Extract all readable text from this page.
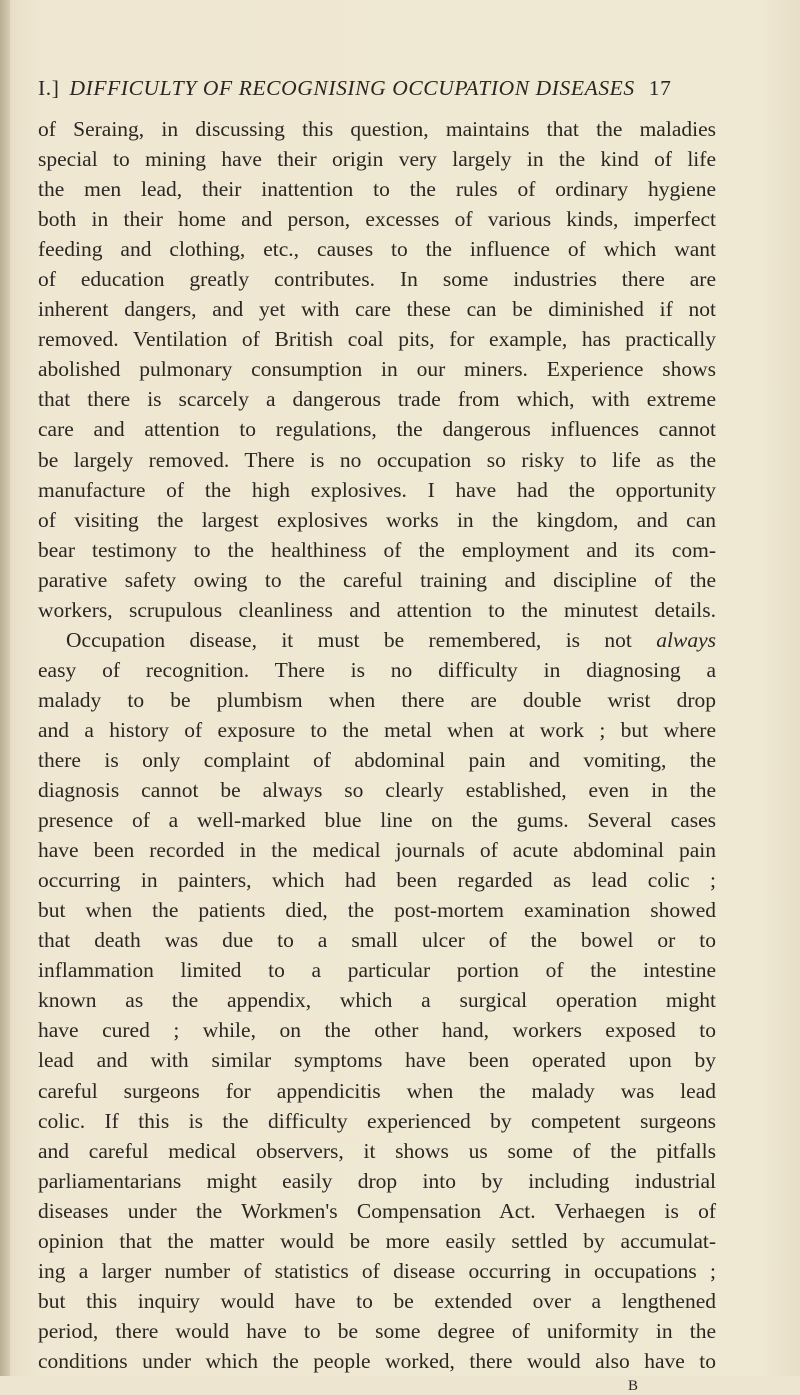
I.] DIFFICULTY OF RECOGNISING OCCUPATION DISEASES 17
of Seraing, in discussing this question, maintains that the maladies
special to mining have their origin very largely in the kind of life
the men lead, their inattention to the rules of ordinary hygiene
both in their home and person, excesses of various kinds, imperfect
feeding and clothing, etc., causes to the influence of which want
of education greatly contributes. In some industries there are
inherent dangers, and yet with care these can be diminished if not
removed. Ventilation of British coal pits, for example, has practically
abolished pulmonary consumption in our miners. Experience shows
that there is scarcely a dangerous trade from which, with extreme
care and attention to regulations, the dangerous influences cannot
be largely removed. There is no occupation so risky to life as the
manufacture of the high explosives. I have had the opportunity
of visiting the largest explosives works in the kingdom, and can
bear testimony to the healthiness of the employment and its com-
parative safety owing to the careful training and discipline of the
workers, scrupulous cleanliness and attention to the minutest details.
Occupation disease, it must be remembered, is not always
easy of recognition. There is no difficulty in diagnosing a
malady to be plumbism when there are double wrist drop
and a history of exposure to the metal when at work ; but where
there is only complaint of abdominal pain and vomiting, the
diagnosis cannot be always so clearly established, even in the
presence of a well-marked blue line on the gums. Several cases
have been recorded in the medical journals of acute abdominal pain
occurring in painters, which had been regarded as lead colic ;
but when the patients died, the post-mortem examination showed
that death was due to a small ulcer of the bowel or to
inflammation limited to a particular portion of the intestine
known as the appendix, which a surgical operation might
have cured ; while, on the other hand, workers exposed to
lead and with similar symptoms have been operated upon by
careful surgeons for appendicitis when the malady was lead
colic. If this is the difficulty experienced by competent surgeons
and careful medical observers, it shows us some of the pitfalls
parliamentarians might easily drop into by including industrial
diseases under the Workmen's Compensation Act. Verhaegen is of
opinion that the matter would be more easily settled by accumulat-
ing a larger number of statistics of disease occurring in occupations ;
but this inquiry would have to be extended over a lengthened
period, there would have to be some degree of uniformity in the
conditions under which the people worked, there would also have to
B
